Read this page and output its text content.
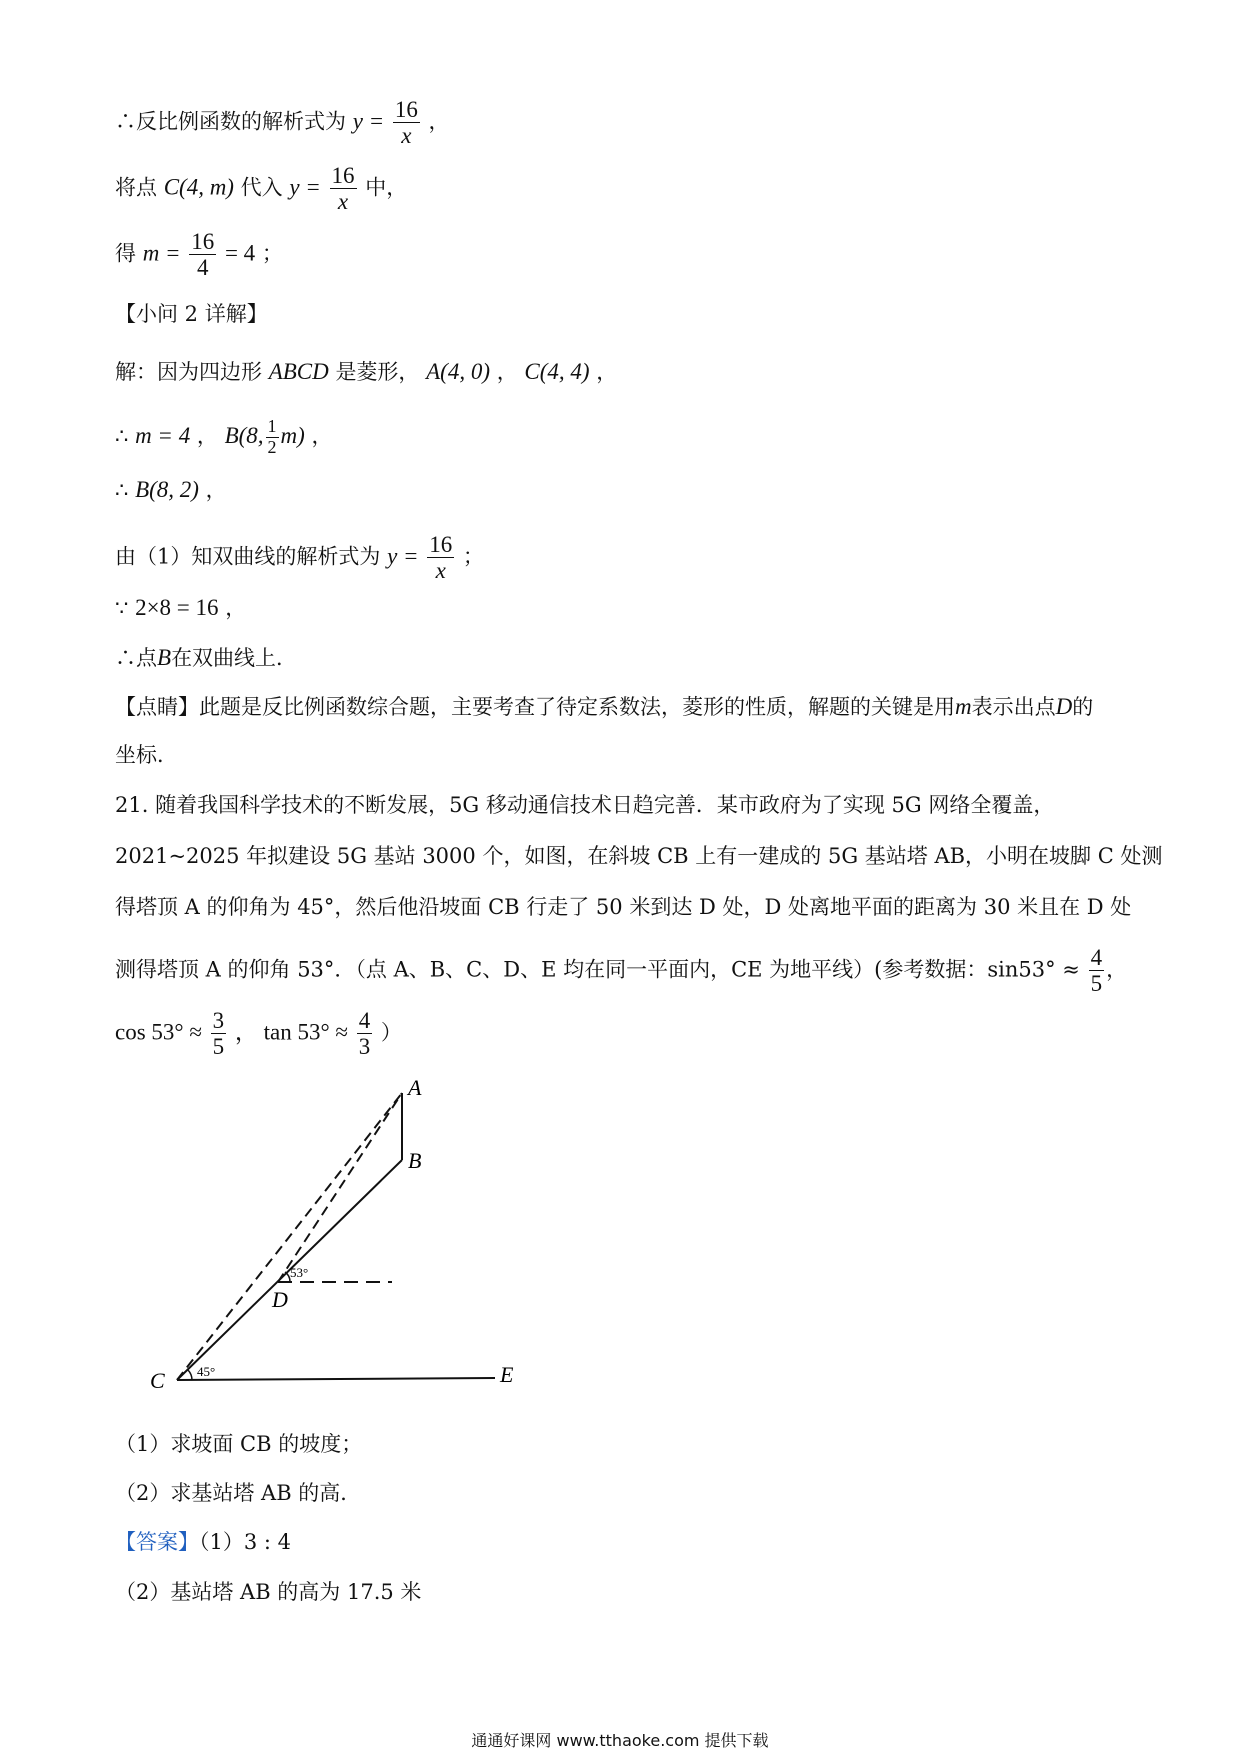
∴反比例函数的解析式为 $y = \frac{16}{x}$ ，
将点 C(4, m) 代入 $y = \frac{16}{x}$ 中，
得 $m = \frac{16}{4} = 4$ ；
【小问 2 详解】
解：因为四边形 ABCD 是菱形， A(4, 0) ， C(4, 4) ，
∴ m = 4 ， B(8, $\frac{1}{2} m$) ，
∴ B(8, 2) ，
由（1）知双曲线的解析式为 $y = \frac{16}{x}$ ；
∵ 2×8 = 16 ，
∴点B在双曲线上．
【点睛】此题是反比例函数综合题，主要考查了待定系数法，菱形的性质，解题的关键是用m表示出点D的
坐标．
21. 随着我国科学技术的不断发展，5G 移动通信技术日趋完善．某市政府为了实现 5G 网络全覆盖，
2021~2025 年拟建设 5G 基站 3000 个，如图，在斜坡 CB 上有一建成的 5G 基站塔 AB，小明在坡脚 C 处测
得塔顶 A 的仰角为 45°，然后他沿坡面 CB 行走了 50 米到达 D 处，D 处离地平面的距离为 30 米且在 D 处
测得塔顶 A 的仰角 53°．（点 A、B、C、D、E 均在同一平面内，CE 为地平线）(参考数据：$\sin 53^\circ \approx \frac{4}{5}$ ，
$\cos 53^\circ \approx \frac{3}{5}$ ， $\tan 53^\circ \approx \frac{4}{3}$ ）
A
B
C
D
E
45°
53°
（1）求坡面 CB 的坡度；
（2）求基站塔 AB 的高．
【答案】（1）3 : 4
（2）基站塔 AB 的高为 17.5 米
通通好课网 www.tthaoke.com 提供下载
